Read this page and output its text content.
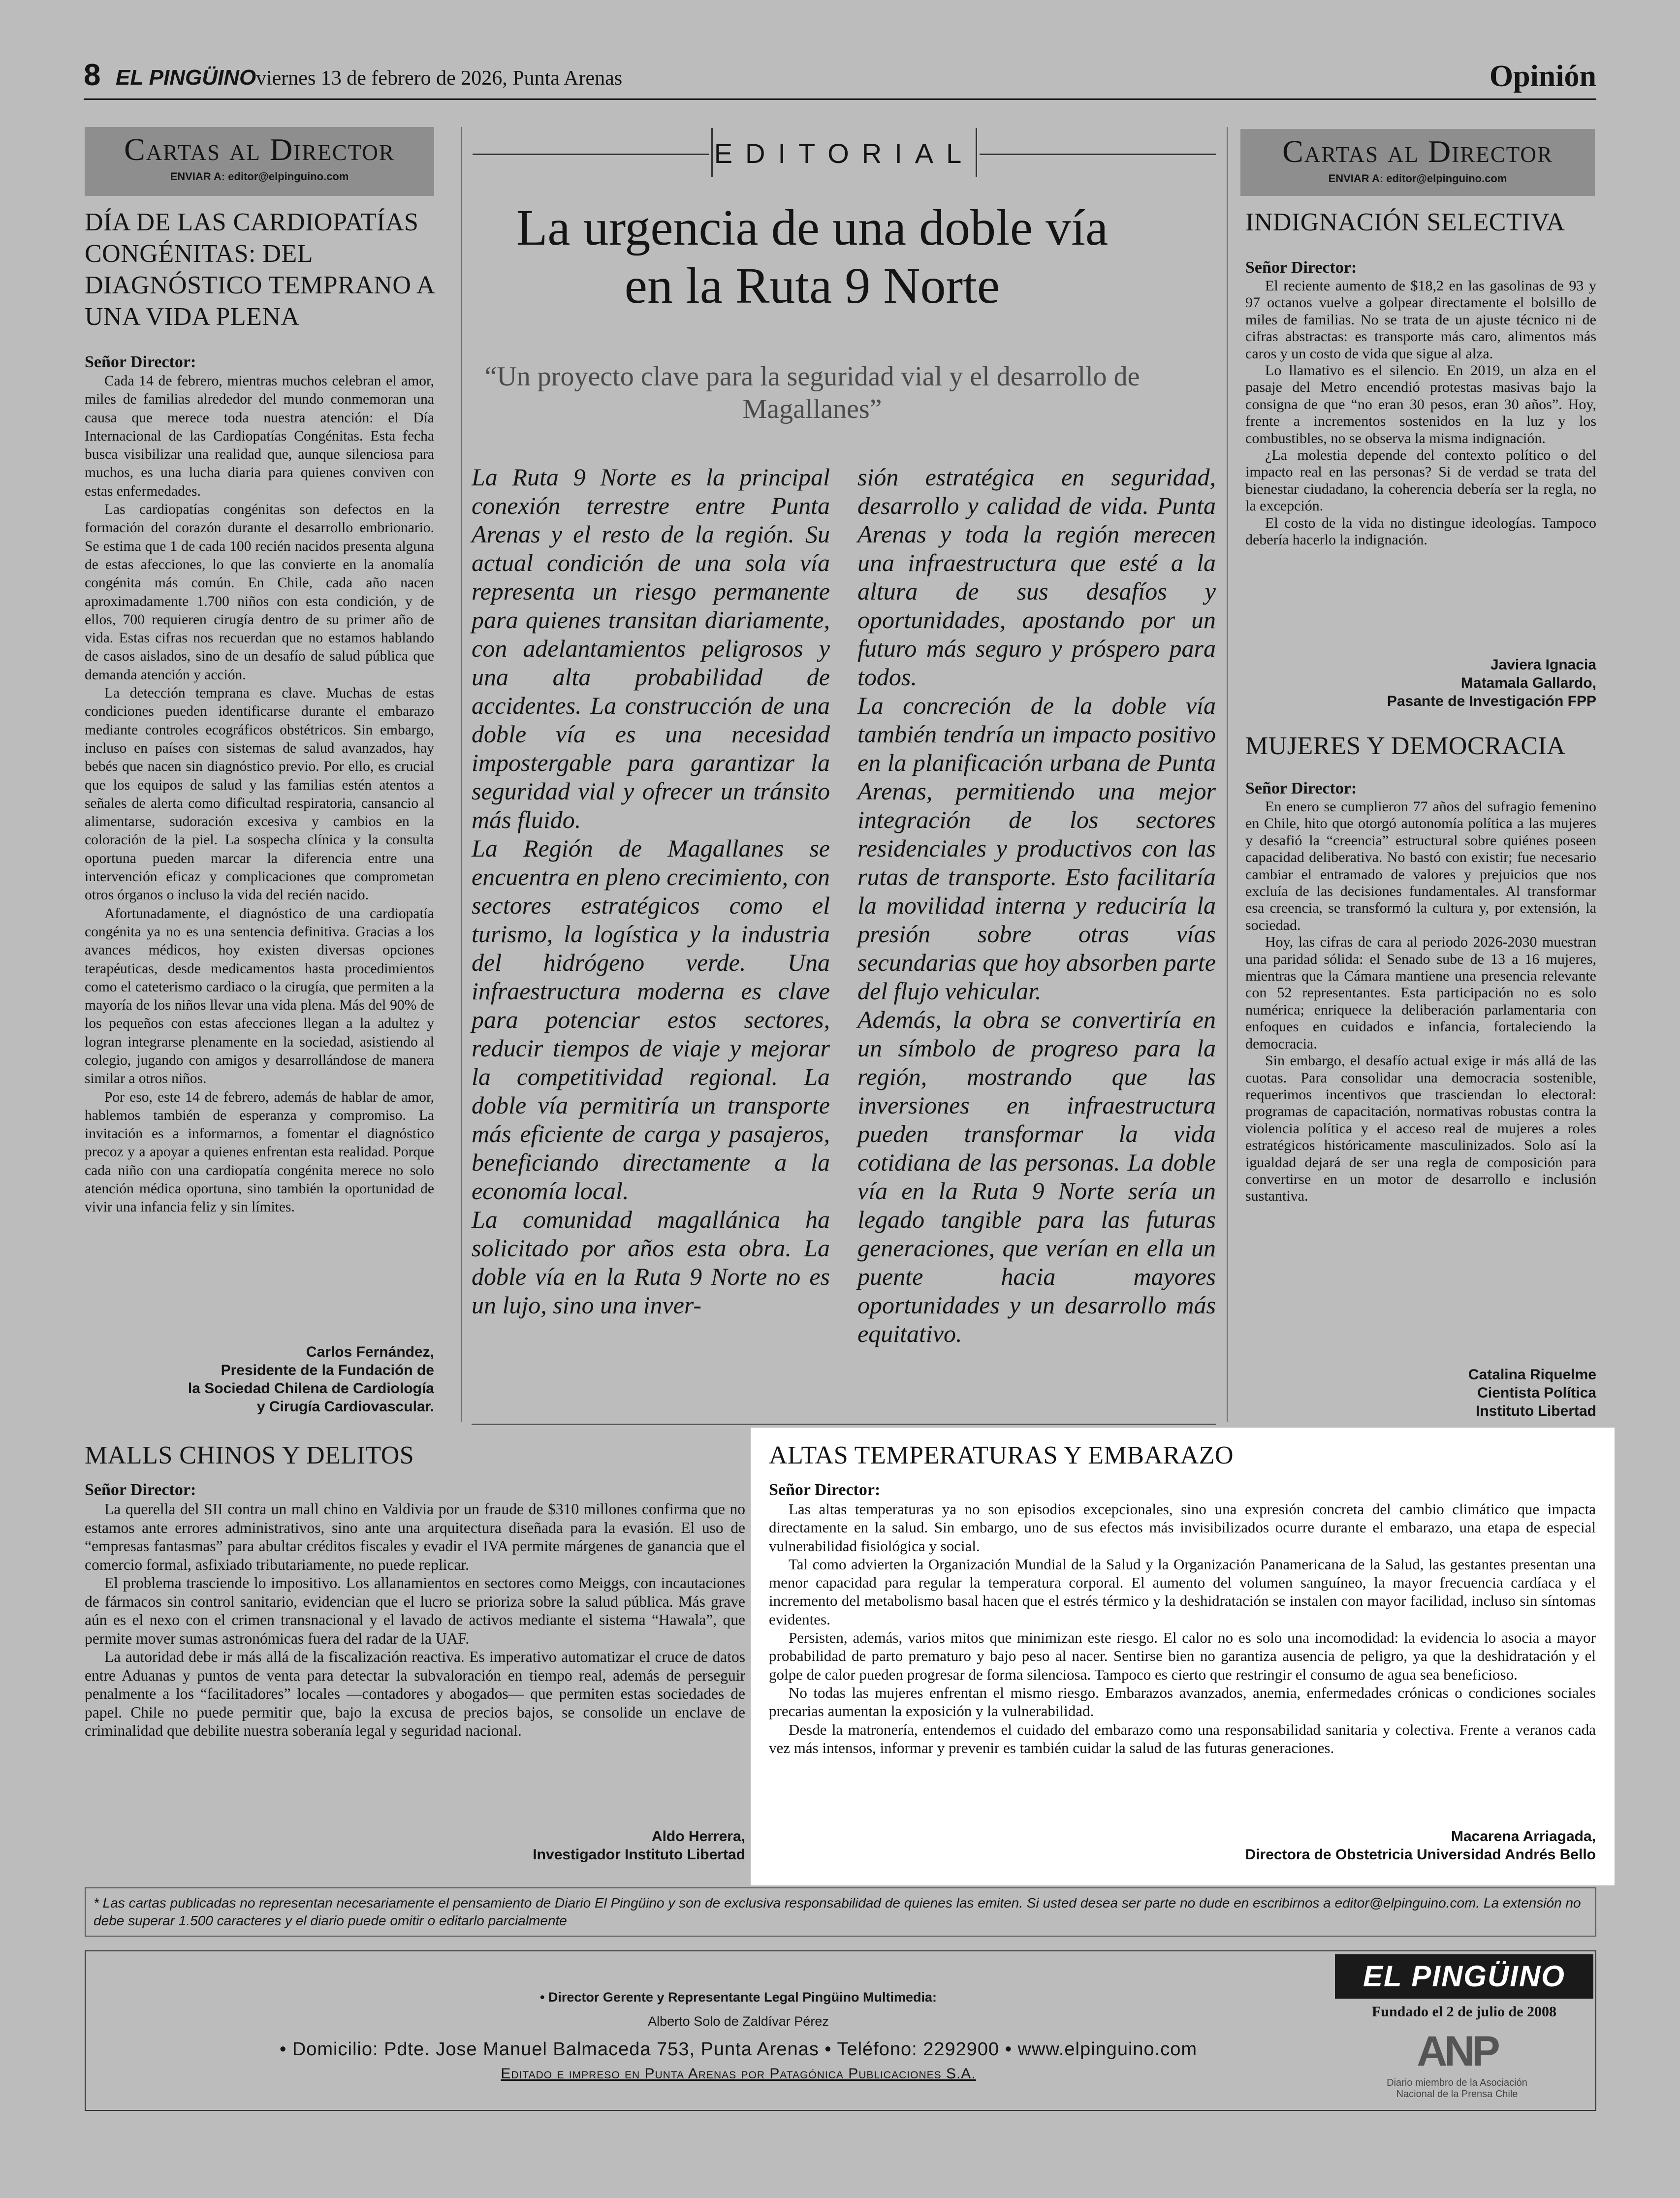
8 EL PINGÜINO viernes 13 de febrero de 2026, Punta Arenas	Opinión
Cartas al Director
ENVIAR A: editor@elpinguino.com
DÍA DE LAS CARDIOPATÍAS CONGÉNITAS: DEL DIAGNÓSTICO TEMPRANO A UNA VIDA PLENA
Señor Director:

Cada 14 de febrero, mientras muchos celebran el amor, miles de familias alrededor del mundo conmemoran una causa que merece toda nuestra atención: el Día Internacional de las Cardiopatías Congénitas. Esta fecha busca visibilizar una realidad que, aunque silenciosa para muchos, es una lucha diaria para quienes conviven con estas enfermedades.

Las cardiopatías congénitas son defectos en la formación del corazón durante el desarrollo embrionario. Se estima que 1 de cada 100 recién nacidos presenta alguna de estas afecciones, lo que las convierte en la anomalía congénita más común. En Chile, cada año nacen aproximadamente 1.700 niños con esta condición, y de ellos, 700 requieren cirugía dentro de su primer año de vida. Estas cifras nos recuerdan que no estamos hablando de casos aislados, sino de un desafío de salud pública que demanda atención y acción.

La detección temprana es clave. Muchas de estas condiciones pueden identificarse durante el embarazo mediante controles ecográficos obstétricos. Sin embargo, incluso en países con sistemas de salud avanzados, hay bebés que nacen sin diagnóstico previo. Por ello, es crucial que los equipos de salud y las familias estén atentos a señales de alerta como dificultad respiratoria, cansancio al alimentarse, sudoración excesiva y cambios en la coloración de la piel. La sospecha clínica y la consulta oportuna pueden marcar la diferencia entre una intervención eficaz y complicaciones que comprometan otros órganos o incluso la vida del recién nacido.

Afortunadamente, el diagnóstico de una cardiopatía congénita ya no es una sentencia definitiva. Gracias a los avances médicos, hoy existen diversas opciones terapéuticas, desde medicamentos hasta procedimientos como el cateterismo cardiaco o la cirugía, que permiten a la mayoría de los niños llevar una vida plena. Más del 90% de los pequeños con estas afecciones llegan a la adultez y logran integrarse plenamente en la sociedad, asistiendo al colegio, jugando con amigos y desarrollándose de manera similar a otros niños.

Por eso, este 14 de febrero, además de hablar de amor, hablemos también de esperanza y compromiso. La invitación es a informarnos, a fomentar el diagnóstico precoz y a apoyar a quienes enfrentan esta realidad. Porque cada niño con una cardiopatía congénita merece no solo atención médica oportuna, sino también la oportunidad de vivir una infancia feliz y sin límites.

Carlos Fernández,
Presidente de la Fundación de
la Sociedad Chilena de Cardiología
y Cirugía Cardiovascular.
EDITORIAL
La urgencia de una doble vía en la Ruta 9 Norte
“Un proyecto clave para la seguridad vial y el desarrollo de Magallanes”

La Ruta 9 Norte es la principal conexión terrestre entre Punta Arenas y el resto de la región. Su actual condición de una sola vía representa un riesgo permanente para quienes transitan diariamente, con adelantamientos peligrosos y una alta probabilidad de accidentes. La construcción de una doble vía es una necesidad impostergable para garantizar la seguridad vial y ofrecer un tránsito más fluido.

La Región de Magallanes se encuentra en pleno crecimiento, con sectores estratégicos como el turismo, la logística y la industria del hidrógeno verde. Una infraestructura moderna es clave para potenciar estos sectores, reducir tiempos de viaje y mejorar la competitividad regional. La doble vía permitiría un transporte más eficiente de carga y pasajeros, beneficiando directamente a la economía local.

La comunidad magallánica ha solicitado por años esta obra. La doble vía en la Ruta 9 Norte no es un lujo, sino una inver-

sión estratégica en seguridad, desarrollo y calidad de vida. Punta Arenas y toda la región merecen una infraestructura que esté a la altura de sus desafíos y oportunidades, apostando por un futuro más seguro y próspero para todos.

La concreción de la doble vía también tendría un impacto positivo en la planificación urbana de Punta Arenas, permitiendo una mejor integración de los sectores residenciales y productivos con las rutas de transporte. Esto facilitaría la movilidad interna y reduciría la presión sobre otras vías secundarias que hoy absorben parte del flujo vehicular.

Además, la obra se convertiría en un símbolo de progreso para la región, mostrando que las inversiones en infraestructura pueden transformar la vida cotidiana de las personas. La doble vía en la Ruta 9 Norte sería un legado tangible para las futuras generaciones, que verían en ella un puente hacia mayores oportunidades y un desarrollo más equitativo.

Cartas al Director
ENVIAR A: editor@elpinguino.com
INDIGNACIÓN SELECTIVA
Señor Director:

El reciente aumento de $18,2 en las gasolinas de 93 y 97 octanos vuelve a golpear directamente el bolsillo de miles de familias. No se trata de un ajuste técnico ni de cifras abstractas: es transporte más caro, alimentos más caros y un costo de vida que sigue al alza.

Lo llamativo es el silencio. En 2019, un alza en el pasaje del Metro encendió protestas masivas bajo la consigna de que “no eran 30 pesos, eran 30 años”. Hoy, frente a incrementos sostenidos en la luz y los combustibles, no se observa la misma indignación.

¿La molestia depende del contexto político o del impacto real en las personas? Si de verdad se trata del bienestar ciudadano, la coherencia debería ser la regla, no la excepción.

El costo de la vida no distingue ideologías. Tampoco debería hacerlo la indignación.

Javiera Ignacia
Matamala Gallardo,
Pasante de Investigación FPP
MUJERES Y DEMOCRACIA
Señor Director:

En enero se cumplieron 77 años del sufragio femenino en Chile, hito que otorgó autonomía política a las mujeres y desafió la “creencia” estructural sobre quiénes poseen capacidad deliberativa. No bastó con existir; fue necesario cambiar el entramado de valores y prejuicios que nos excluía de las decisiones fundamentales. Al transformar esa creencia, se transformó la cultura y, por extensión, la sociedad.

Hoy, las cifras de cara al periodo 2026-2030 muestran una paridad sólida: el Senado sube de 13 a 16 mujeres, mientras que la Cámara mantiene una presencia relevante con 52 representantes. Esta participación no es solo numérica; enriquece la deliberación parlamentaria con enfoques en cuidados e infancia, fortaleciendo la democracia.

Sin embargo, el desafío actual exige ir más allá de las cuotas. Para consolidar una democracia sostenible, requerimos incentivos que trasciendan lo electoral: programas de capacitación, normativas robustas contra la violencia política y el acceso real de mujeres a roles estratégicos históricamente masculinizados. Solo así la igualdad dejará de ser una regla de composición para convertirse en un motor de desarrollo e inclusión sustantiva.

Catalina Riquelme
Cientista Política
Instituto Libertad
MALLS CHINOS Y DELITOS
Señor Director:

La querella del SII contra un mall chino en Valdivia por un fraude de $310 millones confirma que no estamos ante errores administrativos, sino ante una arquitectura diseñada para la evasión. El uso de “empresas fantasmas” para abultar créditos fiscales y evadir el IVA permite márgenes de ganancia que el comercio formal, asfixiado tributariamente, no puede replicar.

El problema trasciende lo impositivo. Los allanamientos en sectores como Meiggs, con incautaciones de fármacos sin control sanitario, evidencian que el lucro se prioriza sobre la salud pública. Más grave aún es el nexo con el crimen transnacional y el lavado de activos mediante el sistema “Hawala”, que permite mover sumas astronómicas fuera del radar de la UAF.

La autoridad debe ir más allá de la fiscalización reactiva. Es imperativo automatizar el cruce de datos entre Aduanas y puntos de venta para detectar la subvaloración en tiempo real, además de perseguir penalmente a los “facilitadores” locales —contadores y abogados— que permiten estas sociedades de papel. Chile no puede permitir que, bajo la excusa de precios bajos, se consolide un enclave de criminalidad que debilite nuestra soberanía legal y seguridad nacional.

Aldo Herrera,
Investigador Instituto Libertad
ALTAS TEMPERATURAS Y EMBARAZO
Señor Director:

Las altas temperaturas ya no son episodios excepcionales, sino una expresión concreta del cambio climático que impacta directamente en la salud. Sin embargo, uno de sus efectos más invisibilizados ocurre durante el embarazo, una etapa de especial vulnerabilidad fisiológica y social.

Tal como advierten la Organización Mundial de la Salud y la Organización Panamericana de la Salud, las gestantes presentan una menor capacidad para regular la temperatura corporal. El aumento del volumen sanguíneo, la mayor frecuencia cardíaca y el incremento del metabolismo basal hacen que el estrés térmico y la deshidratación se instalen con mayor facilidad, incluso sin síntomas evidentes.

Persisten, además, varios mitos que minimizan este riesgo. El calor no es solo una incomodidad: la evidencia lo asocia a mayor probabilidad de parto prematuro y bajo peso al nacer. Sentirse bien no garantiza ausencia de peligro, ya que la deshidratación y el golpe de calor pueden progresar de forma silenciosa. Tampoco es cierto que restringir el consumo de agua sea beneficioso.

No todas las mujeres enfrentan el mismo riesgo. Embarazos avanzados, anemia, enfermedades crónicas o condiciones sociales precarias aumentan la exposición y la vulnerabilidad.

Desde la matronería, entendemos el cuidado del embarazo como una responsabilidad sanitaria y colectiva. Frente a veranos cada vez más intensos, informar y prevenir es también cuidar la salud de las futuras generaciones.

Macarena Arriagada,
Directora de Obstetricia Universidad Andrés Bello
* Las cartas publicadas no representan necesariamente el pensamiento de Diario El Pingüino y son de exclusiva responsabilidad de quienes las emiten. Si usted desea ser parte no dude en escribirnos a editor@elpinguino.com. La extensión no debe superar 1.500 caracteres y el diario puede omitir o editarlo parcialmente
• Director Gerente y Representante Legal Pingüino Multimedia:
Alberto Solo de Zaldívar Pérez
• Domicilio: Pdte. Jose Manuel Balmaceda 753, Punta Arenas • Teléfono: 2292900 • www.elpinguino.com
Editado e impreso en Punta Arenas por Patagónica Publicaciones S.A.
EL PINGÜINO
Fundado el 2 de julio de 2008
ANP
Diario miembro de la Asociación
Nacional de la Prensa Chile
